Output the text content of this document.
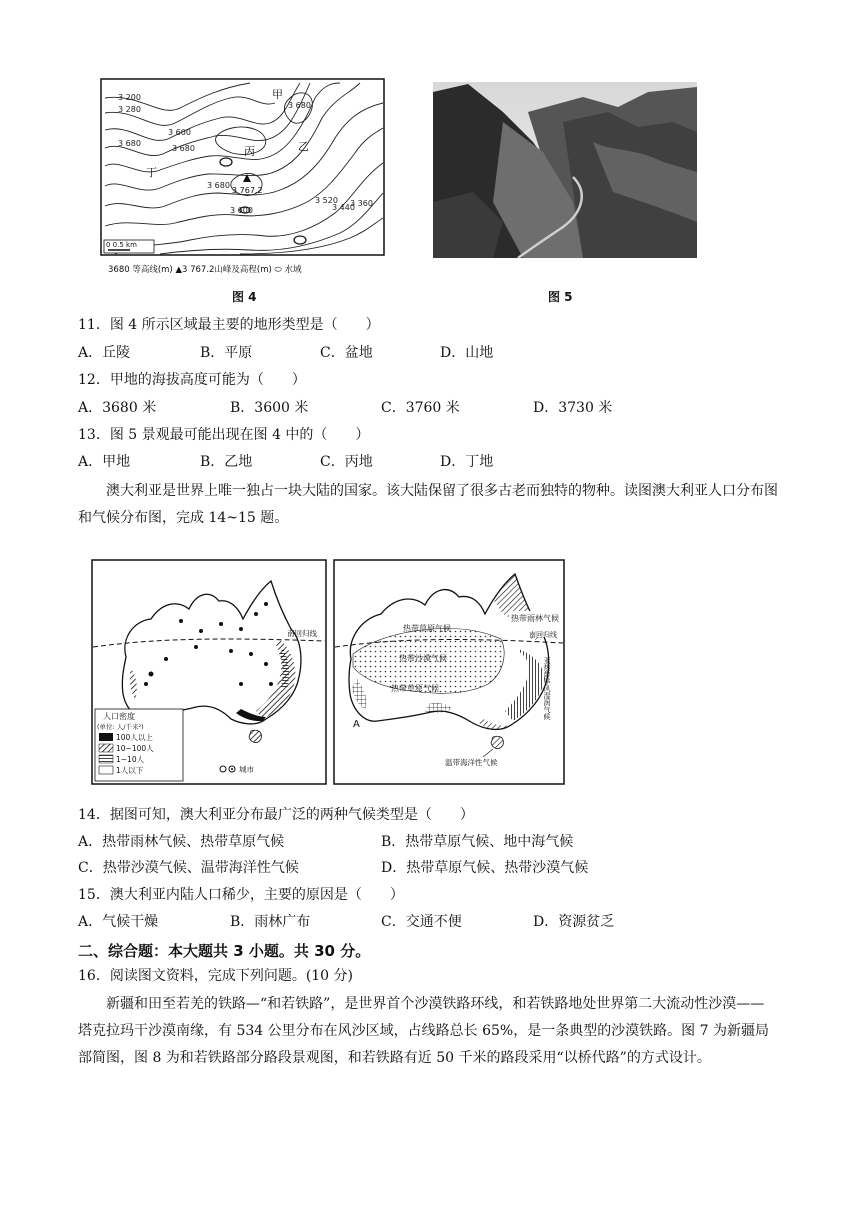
3 200
3 280
3 600
3 680
3 680
3 680
3 680
3 600
3 520
3 440
3 360
甲
乙
丙
丁
3 767.2
0 0.5 km
3680 等高线(m) ▲3 767.2山峰及高程(m) ⬭ 水域
图 4	图 5
11．图 4 所示区域最主要的地形类型是（　　）
A．丘陵	B．平原	C．盆地	D．山地
12．甲地的海拔高度可能为（　　）
A．3680 米	B．3600 米	C．3760 米	D．3730 米
13．图 5 景观最可能出现在图 4 中的（　　）
A．甲地	B．乙地	C．丙地	D．丁地
澳大利亚是世界上唯一独占一块大陆的国家。该大陆保留了很多古老而独特的物种。读图澳大利亚人口分布图和气候分布图，完成 14~15 题。
南回归线
人口密度
(单位: 人/千米²)
100人以上
10~100人
1~10人
1人以下	城市
热带雨林气候
热带草原气候
热带沙漠气候
热带草原气候
南回归线
亚热带季风湿润气候
温带海洋性气候
A
14．据图可知，澳大利亚分布最广泛的两种气候类型是（　　）
A．热带雨林气候、热带草原气候	B．热带草原气候、地中海气候
C．热带沙漠气候、温带海洋性气候	D．热带草原气候、热带沙漠气候
15．澳大利亚内陆人口稀少，主要的原因是（　　）
A．气候干燥	B．雨林广布	C．交通不便	D．资源贫乏
二、综合题：本大题共 3 小题。共 30 分。
16．阅读图文资料，完成下列问题。(10 分)
新疆和田至若羌的铁路—“和若铁路”，是世界首个沙漠铁路环线，和若铁路地处世界第二大流动性沙漠——塔克拉玛干沙漠南缘，有 534 公里分布在风沙区域，占线路总长 65%，是一条典型的沙漠铁路。图 7 为新疆局部简图，图 8 为和若铁路部分路段景观图，和若铁路有近 50 千米的路段采用“以桥代路”的方式设计。
